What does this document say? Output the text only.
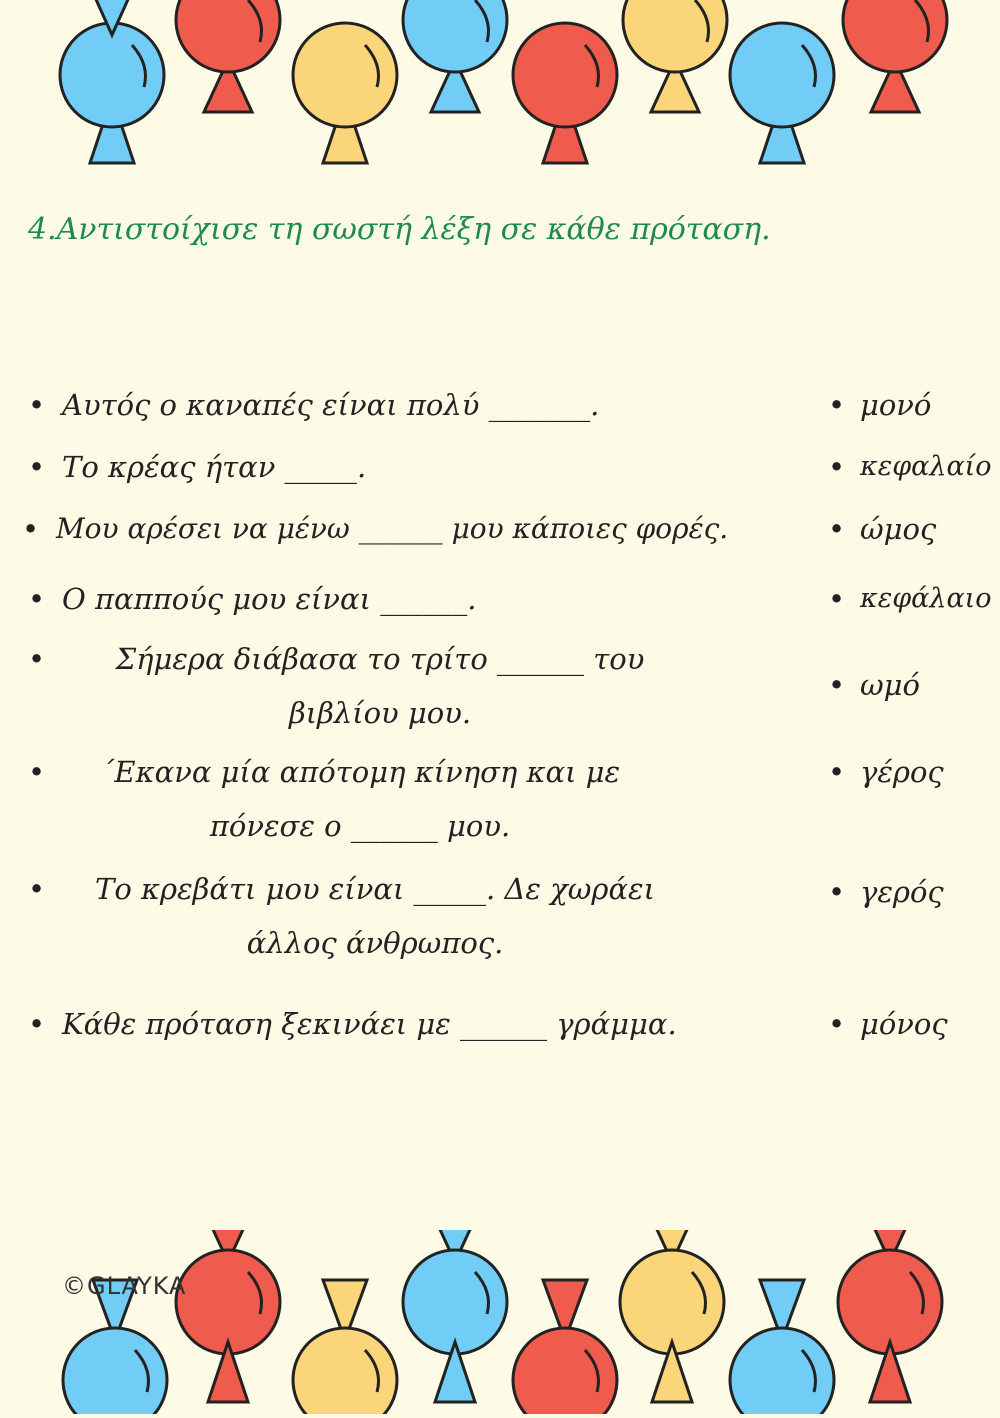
4.Αντιστοίχισε τη σωστή λέξη σε κάθε πρόταση.
• Αυτός ο καναπές είναι πολύ _______.
• Το κρέας ήταν _____.
• Μου αρέσει να μένω ______ μου κάποιες φορές.
• Ο παππούς μου είναι ______.
•	Σήμερα διάβασα το τρίτο ______ του βιβλίου μου.
•	΄Εκανα μία απότομη κίνηση και με πόνεσε ο ______ μου.
•	Το κρεβάτι μου είναι _____. Δε χωράει άλλος άνθρωπος.
• Κάθε πρόταση ξεκινάει με ______ γράμμα.
• μονό
• κεφαλαίο
• ώμος
• κεφάλαιο
• ωμό
• γέρος
• γερός
• μόνος
©GLAYKA
